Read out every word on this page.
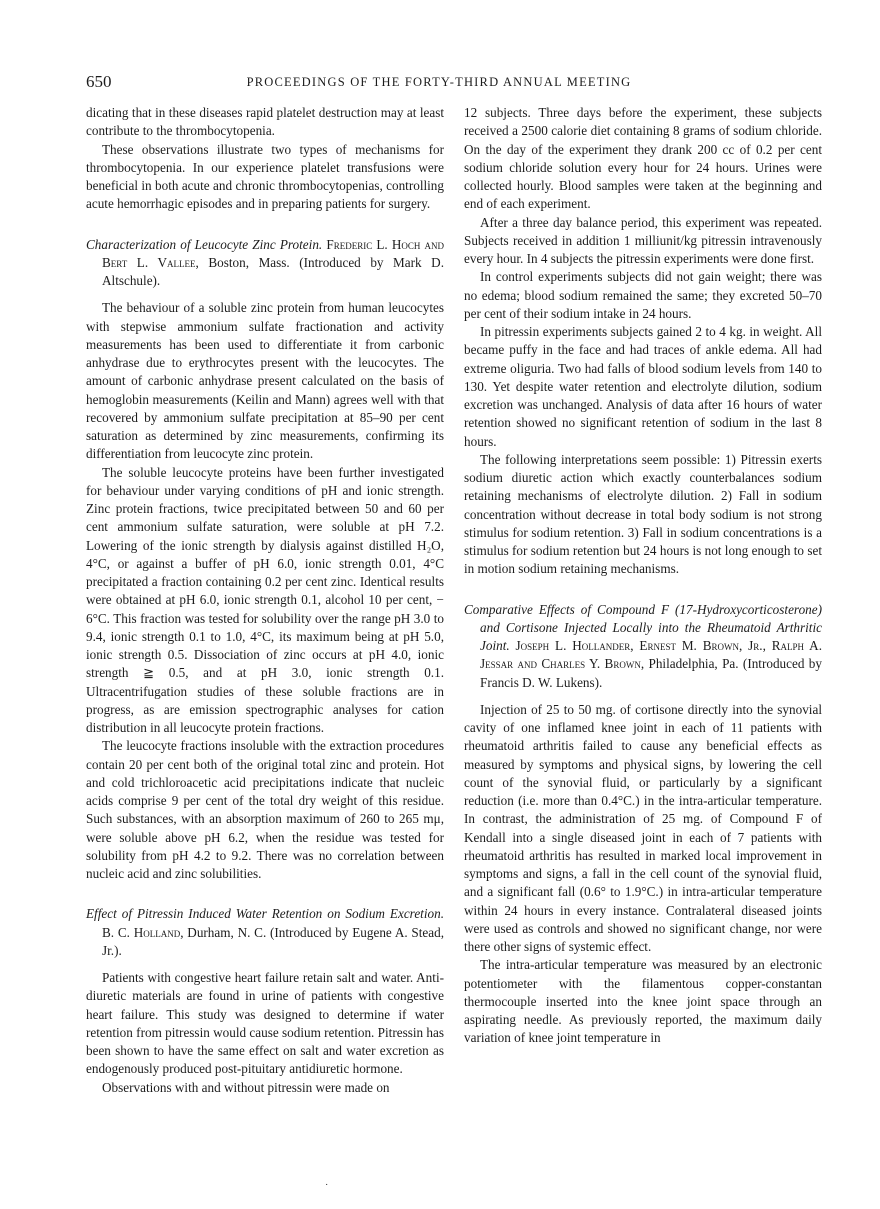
650	PROCEEDINGS OF THE FORTY-THIRD ANNUAL MEETING

dicating that in these diseases rapid platelet destruction may at least contribute to the thrombocytopenia.

These observations illustrate two types of mechanisms for thrombocytopenia. In our experience platelet transfusions were beneficial in both acute and chronic thrombocytopenias, controlling acute hemorrhagic episodes and in preparing patients for surgery.

Characterization of Leucocyte Zinc Protein. Frederic L. Hoch and Bert L. Vallee, Boston, Mass. (Introduced by Mark D. Altschule).

The behaviour of a soluble zinc protein from human leucocytes with stepwise ammonium sulfate fractionation and activity measurements has been used to differentiate it from carbonic anhydrase due to erythrocytes present with the leucocytes. The amount of carbonic anhydrase present calculated on the basis of hemoglobin measurements (Keilin and Mann) agrees well with that recovered by ammonium sulfate precipitation at 85–90 per cent saturation as determined by zinc measurements, confirming its differentiation from leucocyte zinc protein.

The soluble leucocyte proteins have been further investigated for behaviour under varying conditions of pH and ionic strength. Zinc protein fractions, twice precipitated between 50 and 60 per cent ammonium sulfate saturation, were soluble at pH 7.2. Lowering of the ionic strength by dialysis against distilled H₂O, 4°C, or against a buffer of pH 6.0, ionic strength 0.01, 4°C precipitated a fraction containing 0.2 per cent zinc. Identical results were obtained at pH 6.0, ionic strength 0.1, alcohol 10 per cent, − 6°C. This fraction was tested for solubility over the range pH 3.0 to 9.4, ionic strength 0.1 to 1.0, 4°C, its maximum being at pH 5.0, ionic strength 0.5. Dissociation of zinc occurs at pH 4.0, ionic strength ≧ 0.5, and at pH 3.0, ionic strength 0.1. Ultracentrifugation studies of these soluble fractions are in progress, as are emission spectrographic analyses for cation distribution in all leucocyte protein fractions.

The leucocyte fractions insoluble with the extraction procedures contain 20 per cent both of the original total zinc and protein. Hot and cold trichloroacetic acid precipitations indicate that nucleic acids comprise 9 per cent of the total dry weight of this residue. Such substances, with an absorption maximum of 260 to 265 mμ, were soluble above pH 6.2, when the residue was tested for solubility from pH 4.2 to 9.2. There was no correlation between nucleic acid and zinc solubilities.

Effect of Pitressin Induced Water Retention on Sodium Excretion. B. C. Holland, Durham, N. C. (Introduced by Eugene A. Stead, Jr.).

Patients with congestive heart failure retain salt and water. Anti-diuretic materials are found in urine of patients with congestive heart failure. This study was designed to determine if water retention from pitressin would cause sodium retention. Pitressin has been shown to have the same effect on salt and water excretion as endogenously produced post-pituitary antidiuretic hormone.

Observations with and without pitressin were made on

12 subjects. Three days before the experiment, these subjects received a 2500 calorie diet containing 8 grams of sodium chloride. On the day of the experiment they drank 200 cc of 0.2 per cent sodium chloride solution every hour for 24 hours. Urines were collected hourly. Blood samples were taken at the beginning and end of each experiment.

After a three day balance period, this experiment was repeated. Subjects received in addition 1 milliunit/kg pitressin intravenously every hour. In 4 subjects the pitressin experiments were done first.

In control experiments subjects did not gain weight; there was no edema; blood sodium remained the same; they excreted 50–70 per cent of their sodium intake in 24 hours.

In pitressin experiments subjects gained 2 to 4 kg. in weight. All became puffy in the face and had traces of ankle edema. All had extreme oliguria. Two had falls of blood sodium levels from 140 to 130. Yet despite water retention and electrolyte dilution, sodium excretion was unchanged. Analysis of data after 16 hours of water retention showed no significant retention of sodium in the last 8 hours.

The following interpretations seem possible: 1) Pitressin exerts sodium diuretic action which exactly counterbalances sodium retaining mechanisms of electrolyte dilution. 2) Fall in sodium concentration without decrease in total body sodium is not strong stimulus for sodium retention. 3) Fall in sodium concentrations is a stimulus for sodium retention but 24 hours is not long enough to set in motion sodium retaining mechanisms.

Comparative Effects of Compound F (17-Hydroxycorticosterone) and Cortisone Injected Locally into the Rheumatoid Arthritic Joint. Joseph L. Hollander, Ernest M. Brown, Jr., Ralph A. Jessar and Charles Y. Brown, Philadelphia, Pa. (Introduced by Francis D. W. Lukens).

Injection of 25 to 50 mg. of cortisone directly into the synovial cavity of one inflamed knee joint in each of 11 patients with rheumatoid arthritis failed to cause any beneficial effects as measured by symptoms and physical signs, by lowering the cell count of the synovial fluid, or particularly by a significant reduction (i.e. more than 0.4°C.) in the intra-articular temperature. In contrast, the administration of 25 mg. of Compound F of Kendall into a single diseased joint in each of 7 patients with rheumatoid arthritis has resulted in marked local improvement in symptoms and signs, a fall in the cell count of the synovial fluid, and a significant fall (0.6° to 1.9°C.) in intra-articular temperature within 24 hours in every instance. Contralateral diseased joints were used as controls and showed no significant change, nor were there other signs of systemic effect.

The intra-articular temperature was measured by an electronic potentiometer with the filamentous copper-constantan thermocouple inserted into the knee joint space through an aspirating needle. As previously reported, the maximum daily variation of knee joint temperature in

˙
